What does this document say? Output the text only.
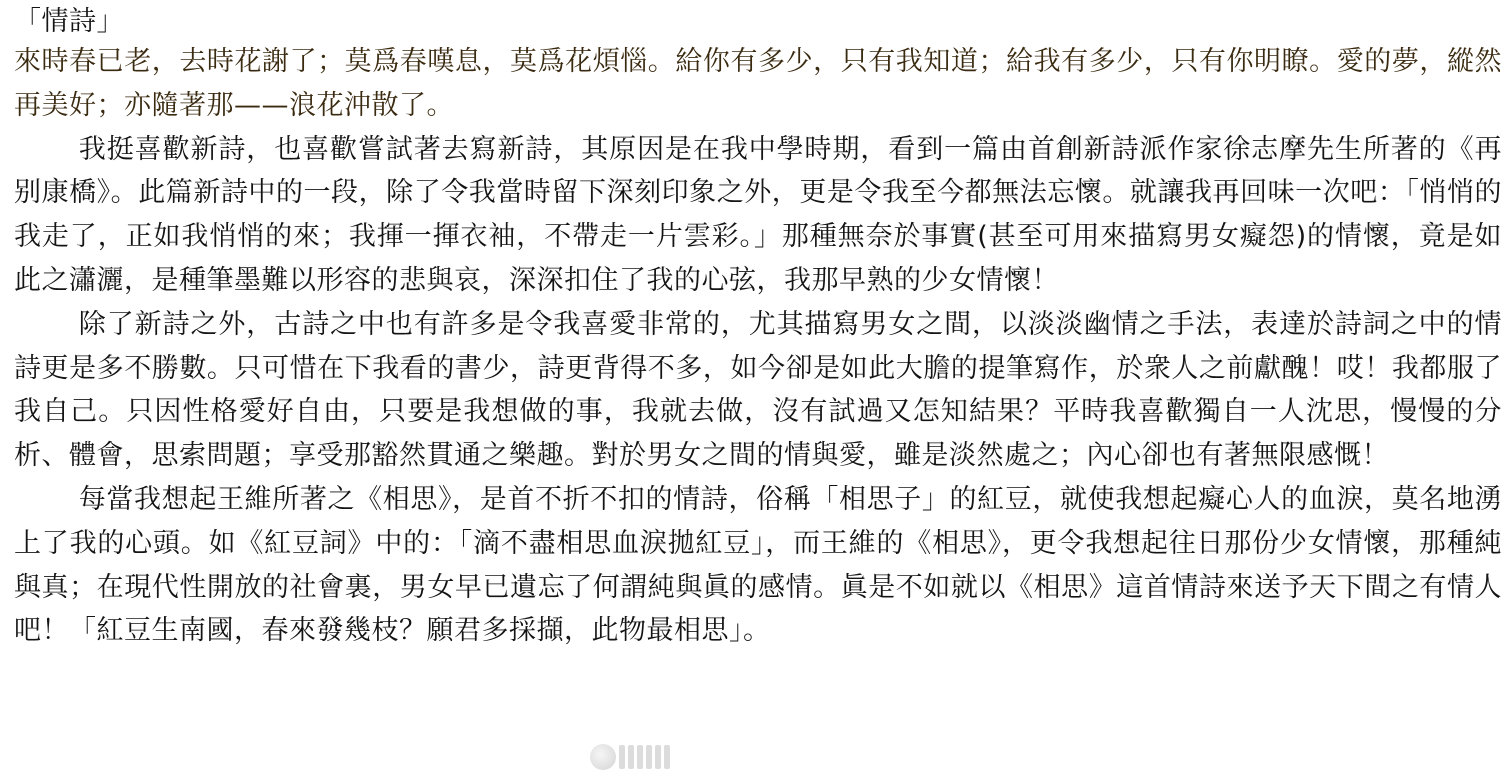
「情詩」

來時春已老，去時花謝了；莫爲春嘆息，莫爲花煩惱。給你有多少，只有我知道；給我有多少，只有你明瞭。愛的夢，縱然再美好；亦隨著那——浪花沖散了。

我挺喜歡新詩，也喜歡嘗試著去寫新詩，其原因是在我中學時期，看到一篇由首創新詩派作家徐志摩先生所著的《再别康橋》。此篇新詩中的一段，除了令我當時留下深刻印象之外，更是令我至今都無法忘懷。就讓我再回味一次吧：「悄悄的我走了，正如我悄悄的來；我揮一揮衣袖，不帶走一片雲彩。」那種無奈於事實(甚至可用來描寫男女癡怨)的情懷，竟是如此之瀟灑，是種筆墨難以形容的悲與哀，深深扣住了我的心弦，我那早熟的少女情懷！

除了新詩之外，古詩之中也有許多是令我喜愛非常的，尤其描寫男女之間，以淡淡幽情之手法，表達於詩詞之中的情詩更是多不勝數。只可惜在下我看的書少，詩更背得不多，如今卻是如此大膽的提筆寫作，於衆人之前獻醜！哎！我都服了我自己。只因性格愛好自由，只要是我想做的事，我就去做，沒有試過又怎知結果？平時我喜歡獨自一人沈思，慢慢的分析、體會，思索問題；享受那豁然貫通之樂趣。對於男女之間的情與愛，雖是淡然處之；內心卻也有著無限感慨！

每當我想起王維所著之《相思》，是首不折不扣的情詩，俗稱「相思子」的紅豆，就使我想起癡心人的血淚，莫名地湧上了我的心頭。如《紅豆詞》中的：「滴不盡相思血淚拋紅豆」，而王維的《相思》，更令我想起往日那份少女情懷，那種純與真；在現代性開放的社會裏，男女早已遺忘了何謂純與眞的感情。眞是不如就以《相思》這首情詩來送予天下間之有情人吧！「紅豆生南國，春來發幾枝？願君多採擷，此物最相思」。
